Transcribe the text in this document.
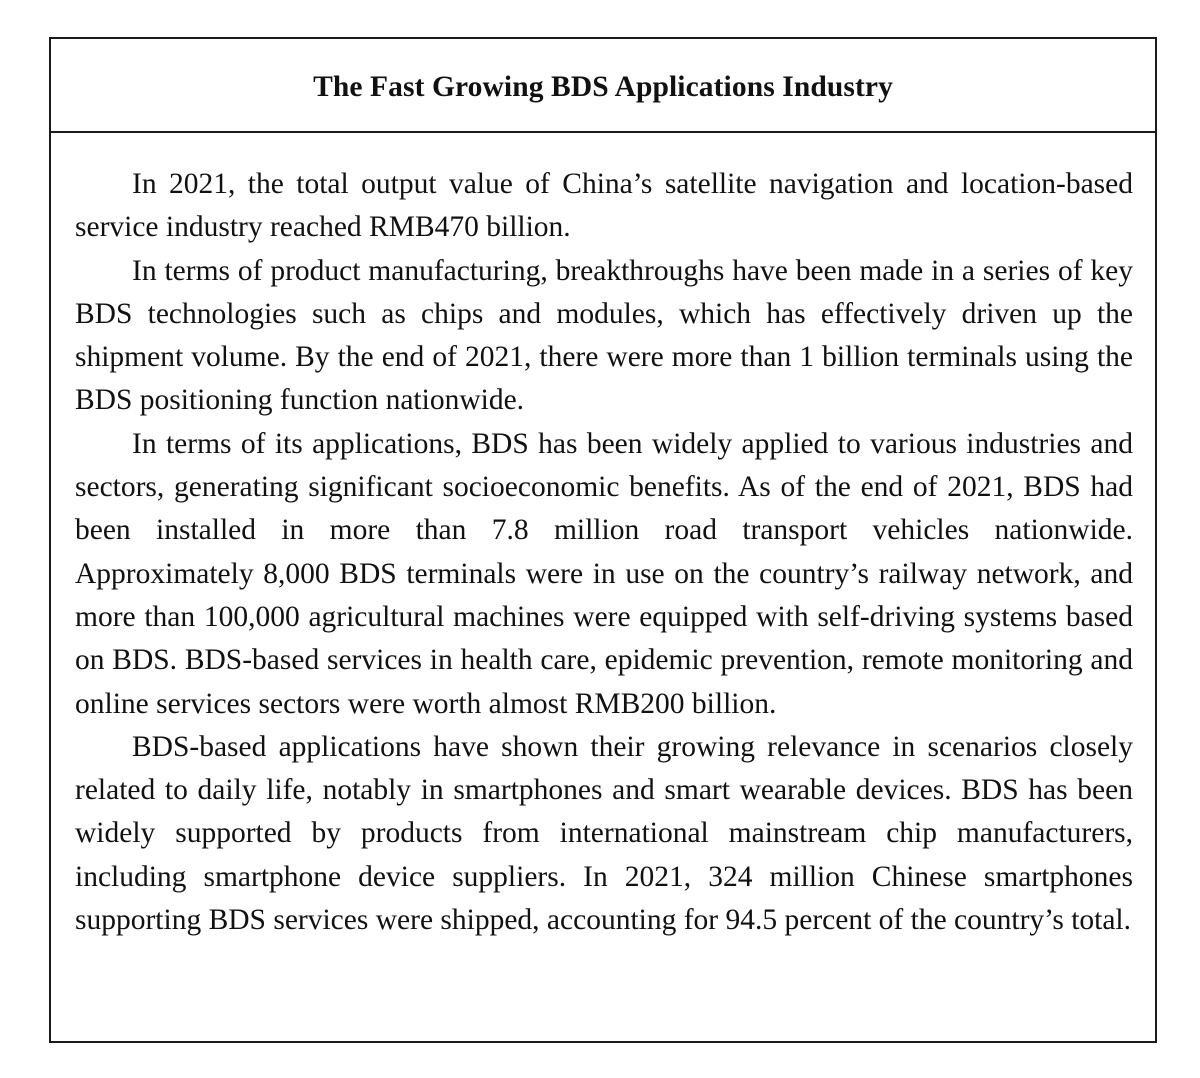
The Fast Growing BDS Applications Industry

In 2021, the total output value of China’s satellite navigation and location-based service industry reached RMB470 billion.

In terms of product manufacturing, breakthroughs have been made in a series of key BDS technologies such as chips and modules, which has effectively driven up the shipment volume. By the end of 2021, there were more than 1 billion terminals using the BDS positioning function nationwide.

In terms of its applications, BDS has been widely applied to various industries and sectors, generating significant socioeconomic benefits. As of the end of 2021, BDS had been installed in more than 7.8 million road transport vehicles nationwide. Approximately 8,000 BDS terminals were in use on the country’s railway network, and more than 100,000 agricultural machines were equipped with self-driving systems based on BDS. BDS-based services in health care, epidemic prevention, remote monitoring and online services sectors were worth almost RMB200 billion.

BDS-based applications have shown their growing relevance in scenarios closely related to daily life, notably in smartphones and smart wearable devices. BDS has been widely supported by products from international mainstream chip manufacturers, including smartphone device suppliers. In 2021, 324 million Chinese smartphones supporting BDS services were shipped, accounting for 94.5 percent of the country’s total.
